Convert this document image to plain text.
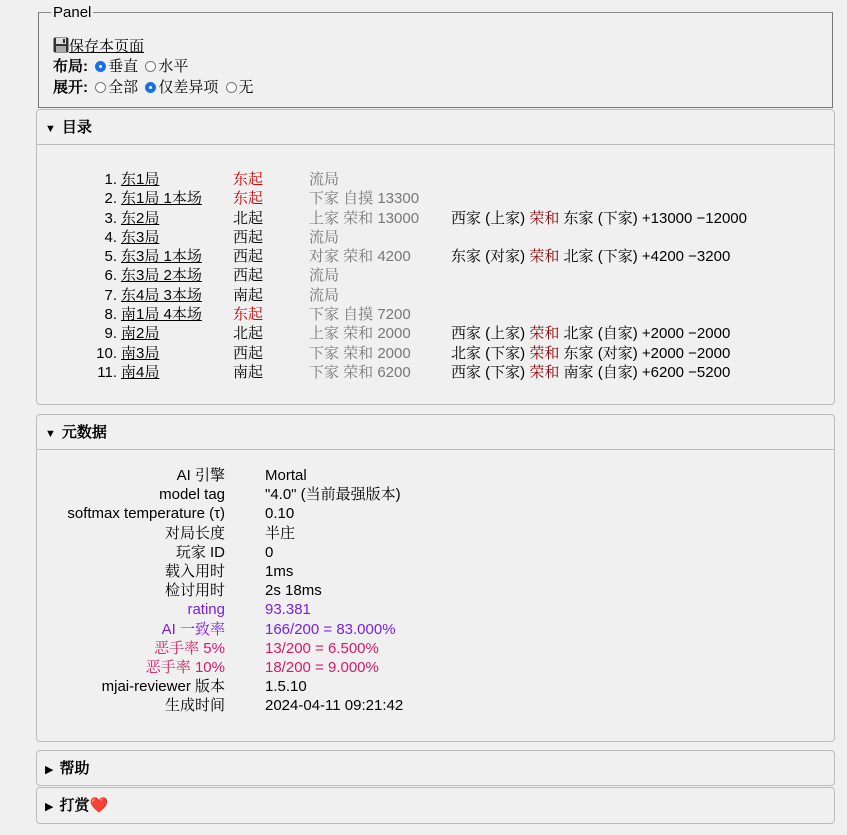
Panel
保存本页面
布局: 垂直 水平
展开: 全部 仅差异项 无
▼ 目录
1.	东1局	东起	流局	
2.	东1局 1本场	东起	下家 自摸 13300	
3.	东2局	北起	上家 荣和 13000	西家 (上家) 荣和 东家 (下家) +13000 −12000
4.	东3局	西起	流局	
5.	东3局 1本场	西起	对家 荣和 4200	东家 (对家) 荣和 北家 (下家) +4200 −3200
6.	东3局 2本场	西起	流局	
7.	东4局 3本场	南起	流局	
8.	南1局 4本场	东起	下家 自摸 7200	
9.	南2局	北起	上家 荣和 2000	西家 (上家) 荣和 北家 (自家) +2000 −2000
10.	南3局	西起	下家 荣和 2000	北家 (下家) 荣和 东家 (对家) +2000 −2000
11.	南4局	南起	下家 荣和 6200	西家 (下家) 荣和 南家 (自家) +6200 −5200
▼ 元数据
AI 引擎	Mortal
model tag	"4.0" (当前最强版本)
softmax temperature (τ)	0.10
对局长度	半庄
玩家 ID	0
载入用时	1ms
检讨用时	2s 18ms
rating	93.381
AI 一致率	166/200 = 83.000%
恶手率 5%	13/200 = 6.500%
恶手率 10%	18/200 = 9.000%
mjai-reviewer 版本	1.5.10
生成时间	2024-04-11 09:21:42
▶ 帮助
▶ 打赏❤️
